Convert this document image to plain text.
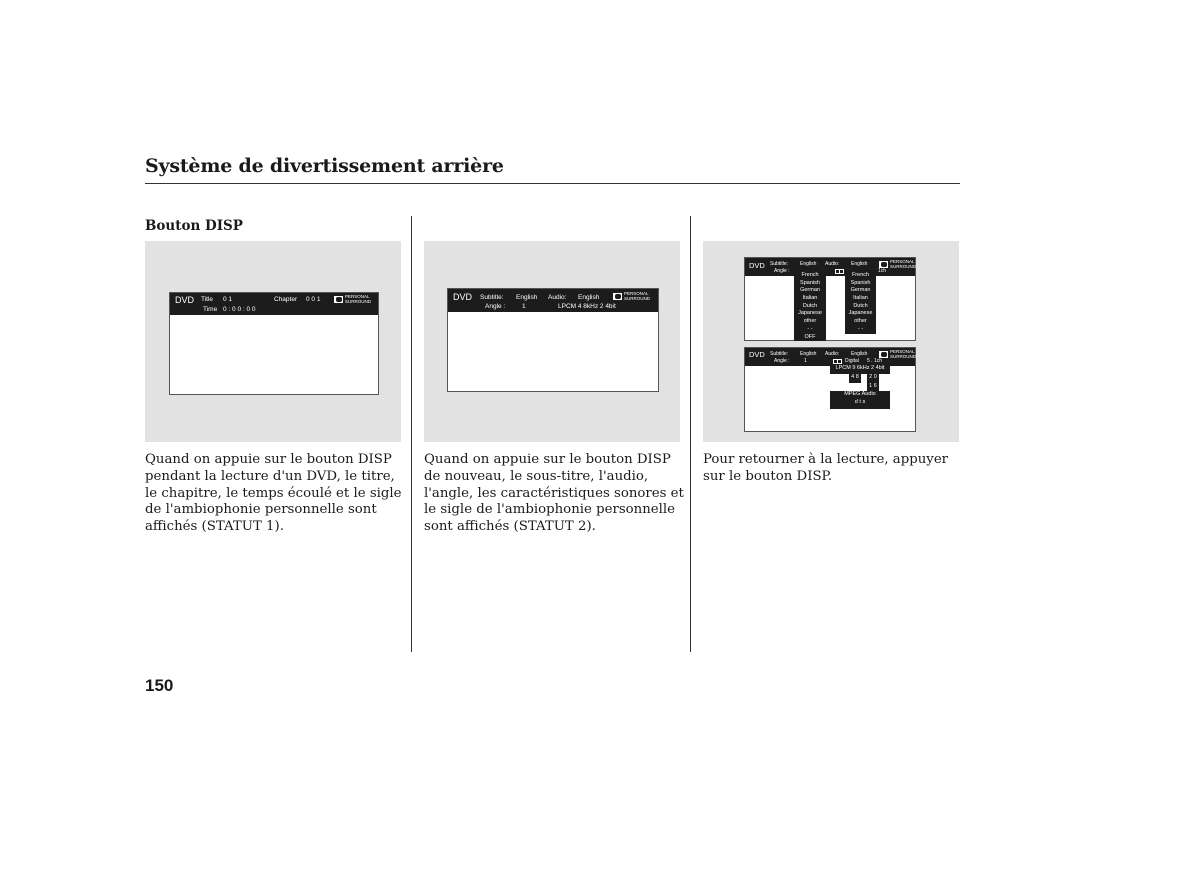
Système de divertissement arrière
Bouton DISP
DVD Title 0 1	Chapter 0 0 1
Time 0 : 0 0 : 0 0
PERSONAL
SURROUND	DVD Subtitle: English Audio: English
Angle :	1	LPCM 4 8kHz 2 4bit
PERSONAL
SURROUND
DVD Subtitle: English Audio: English
Angle :	1ch
PERSONAL
SURROUND
French
Spanish
German
Italian
Dutch
Japanese
other
- -
OFF
French
Spanish
German
Italian
Dutch
Japanese
other
- -
DVD Subtitle: English Audio: English
Angle :	1	Digital 5 . 1ch
PERSONAL
SURROUND
LPCM 9 6kHz 2 4bit
4 8	2 0
1 6
MPEG Audio
d t s
Quand on appuie sur le bouton DISP pendant la lecture d'un DVD, le titre, le chapitre, le temps écoulé et le sigle de l'ambiophonie personnelle sont affichés (STATUT 1).
Quand on appuie sur le bouton DISP de nouveau, le sous-titre, l'audio, l'angle, les caractéristiques sonores et le sigle de l'ambiophonie personnelle sont affichés (STATUT 2).
Pour retourner à la lecture, appuyer sur le bouton DISP.
150
